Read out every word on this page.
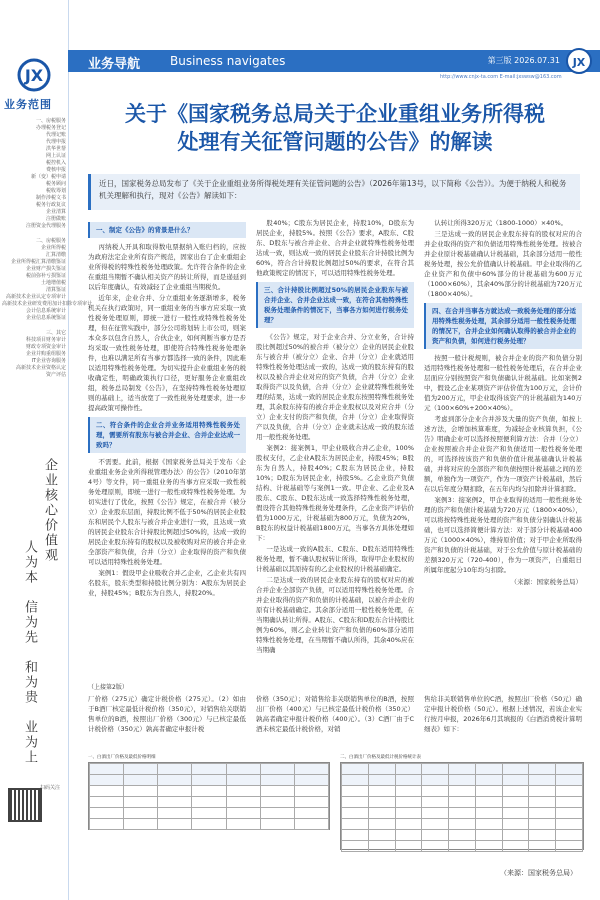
JX
业务范围
一、房税服务
办理税务登记
代理记账
代理申报
洪华世帮
网上认证
税控机入
费核申报
新（变）税申请
税务顾问
税收筹划
制作涉税文书
税务行政复议
企业清算
注册做账
注册资金代理服务
二、房税服务
企业所得税
汇算清缴
企业所得税汇算清缴鉴证
企业财产损失鉴证
税前弥补亏损鉴证
土地增值税
清算鉴证
高新技术企业认定专项审计
高新技术企业研发费用加计扣除专项审计
会计信息系统审计
企业信息系统鉴证
三、其它
科技项目财务审计
财政专项资金审计
企业并购重组服务
IT企业咨询服务
高新技术企业资格认定
资产评估
企业核心价值观
人为本
信为先
和为贵
业为上
扫码关注
业务导航 Business navigates	第三版 2026.07.31 JX
http://www.cnjx-ta.com E-mail:jxswsw@163.com
关于《国家税务总局关于企业重组业务所得税
处理有关征管问题的公告》的解读
近日，国家税务总局发布了《关于企业重组业务所得税处理有关征管问题的公告》（2026年第13号，以下简称《公告》）。为便于纳税人和税务机关理解和执行，现对《公告》解读如下：
一、制定《公告》的背景是什么？

丙纳税人开具和取得数电票据纳入账归档的，应按为政府法定企业所有资产规范，固家出台了企业重组企业所得税的特殊性税务处理政策。允许符合条件的企业在重组当期暂不确认相关资产的转让所得，而是递延到以后年度确认，有效减轻了企业重组当期税负。

近年来，企业合并、分立重组业务逐渐增多，税务机关在执行政策时，同一重组业务的当事方应采取一致性税务处理原则，即统一进行一般性或特殊性税务处理，但在征管实践中，部分公司将划转上市公司，则案本众多以包含自然人，合伙企业，如何判断当事方是否均采取一致性税务处理，即使符合特殊性税务处理条件，也难以满足所有当事方都选择一致的条件，因此难以适用特殊性税务处理。为切实提升企业重组业务的税收确定性，明确政策执行口径，更好服务企业重组改组，税务总局制发《公告》，在坚持特殊性税务处理原则的基础上，适当放宽了一致性税务处理要求，进一步提高政策可操作性。

二、符合条件的企业合并业务适用特殊性税务处理，需要所有股东与被合并企业、合并企业达成一致吗？

不需要。此前，根据《国家税务总局关于发布〈企业重组业务企业所得税管理办法〉的公告》（2010年第4号）等文件，同一重组业务的当事方应采取一致性税务处理原则，即统一进行一般性或特殊性税务处理。为切实进行了优化，按照《公告》规定，在被合并（被分立）企业股东层面，持股比例不低于50%的居民企业股东和居民个人股东与被合并企业进行一致，且达成一致的居民企业股东合计持股比例超过50%的，达成一致的居民企业股东持有的股权以及被收购对应的被合并企业全部资产和负债，合并（分立）企业取得的资产和负债可以适用特殊性税务处理。

案例1：假设甲企业吸收合并乙企业，乙企业共有四名股东，股东类型和持股比例分别为：A股东为居民企业，持股45%；B股东为自然人，持股20%。

股40%；C股东为居民企业，持股10%，D股东为居民企业，持股5%。按照《公告》要求，A股东、C股东、D股东与被合并企业、合并企业就特殊性税务处理达成一致，则达成一致的居民企业股东合计持股比例为60%，符合合计持股比例超过50%的要求，在符合其他政策规定的情况下，可以适用特殊性税务处理。

三、合计持股比例超过50%的居民企业股东与被合并企业、合并企业达成一致，在符合其他特殊性税务处理条件的情况下，当事各方如何进行税务处理？

《公告》规定，对于企业合并、分立业务，合计持股比例超过50%的被合并（被分立）企业的居民企业股东与被合并（被分立）企业、合并（分立）企业就适用特殊性税务处理达成一致的，达成一致的股东持有的股权以及被合并企业对应的资产负债，合并（分立）企业取得资产以及负债，合并（分立）企业就特殊性税务处理的结果，达成一致的居民企业股东按照特殊性税务处理，其余股东持有的被合并企业股权以及对应合并（分立）企业支付的资产和负债，合并（分立）企业取得资产以及负债，合并（分立）企业就未达成一致的股东适用一般性税务处理。

案例2：接案例1，甲企业吸收合并乙企业，100%股权支付，乙企业A股东为居民企业，持股45%；B股东为自然人，持股40%；C股东为居民企业，持股10%；D股东为居民企业，持股5%。乙企业资产负债结构、计税基础等与案例1一致。甲企业、乙企业及A股东、C股东、D股东达成一致选择特殊性税务处理，假设符合其他特殊性税务处理条件，乙企业资产评估价值为1000万元，计税基础为800万元，负债为20%，B股东的权益计税基础1800万元，当事各方具体处理如下：

一是达成一致的A股东、C股东、D股东适用特殊性税务处理，暂不确认股权转让所得，取得甲企业股权的计税基础以其原持有的乙企业股权的计税基础确定。

二是达成一致的居民企业股东持有的股权对应的被合并企业全部资产负债，可以适用特殊性税务处理。合并企业取得的资产和负债的计税基础，以被合并企业的原有计税基础确定。其余部分适用一般性税务处理，在当期确认转让所得。A股东、C股东和D股东合计持股比例为60%，则乙企业转让资产和负债的60%部分适用特殊性税务处理，在当期暂不确认所得，其余40%应在当期确

认转让所得320万元（1800-1000）×40%。

三是达成一致的居民企业股东持有的股权对应的合并企业取得的资产和负债适用特殊性税务处理。按被合并企业原计税基础确认计税基础，其余部分适用一般性税务处理，按公允价值确认计税基础。甲企业取得的乙企业资产和负债中60%部分的计税基础为600万元（1000×60%），其余40%部分的计税基础为720万元（1800×40%）。

四、在合并当事各方就达成一致税务处理的部分适用特殊性税务处理，其余部分适用一般性税务处理的情况下，合并企业如何确认取得的被合并企业的资产和负债，如何进行税务处理？

按照一般计税规则，被合并企业的资产和负债分别适用特殊性税务处理和一般性税务处理后，在合并企业层面应分别按照资产和负债确认计税基础。比如案例2中，假设乙企业某项资产评估价值为100万元，会计价值为200万元，甲企业取得该资产的计税基础为140万元（100×60%+200×40%）。

考虑到部分企业合并涉及大量的资产负债，如按上述方法，会增加核算难度，为减轻企业核算负担，《公告》明确企业可以选择按照便利算方法：合并（分立）企业按照被合并企业资产和负债适用一般性税务处理的，可选择按该资产和负债价值计税基础确认计税基础，并将对应的全部资产和负债按照计税基础之间的差额，单独作为一项资产，作为一项资产计税基础，然后在以后年度分期扣除，在五年内均匀扣除并计算扣除。

案例3：接案例2，甲企业取得的适用一般性税务处理的资产和负债计税基础为720万元（1800×40%），可以将按特殊性税务处理的资产和负债分别确认计税基础，也可以选择简便计算方法：对于部分计税基础400万元（1000×40%），维持原价值；对于甲企业所取得资产和负债的计税基础，对于公允价值与原计税基础的差额320万元（720-400），作为一项资产，自重组日所属年度起分10年均匀扣除。

（来源：国家税务总局）
（上接第2版）
厂价格（275元）确定计税价格（275元）。（2）如由于B酒厂核定最低计税价格（350元），对销售给关联销售单位的B酒，按照出厂价格（300元）与已核定最低计税价格（350元）孰高者确定申报计税
价格（350元）；对销售给非关联销售单位的B酒，按照出厂价格（400元）与已核定最低计税价格（350元）孰高者确定申报计税价格（400元）。（3）C酒厂由于C酒未核定最低计税价格，对销
售给非关联销售单位的C酒，按照出厂价格（50元）确定申报计税价格（50元）。根据上述情况，若该企业实行按月申报，2026年6月其填报的《白酒消费税计算明细表》如下：
一、白酒出厂价格及最低价格明细

							二、白酒出厂价格及最低计税价格统计表

（来源：国家税务总局）
